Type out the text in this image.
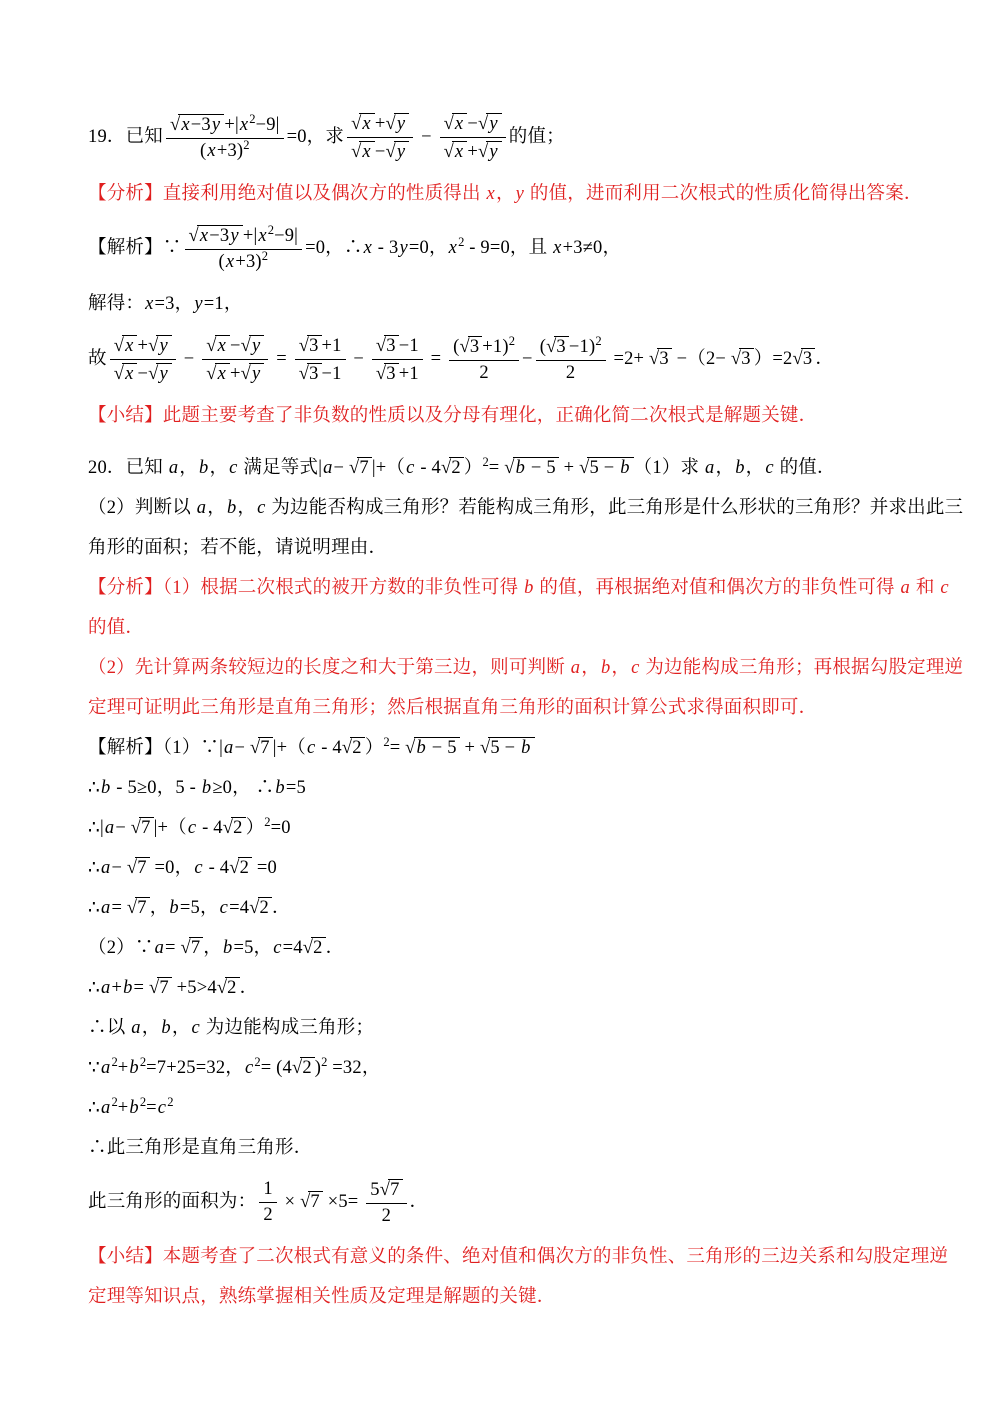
19．已知 $\frac{√x-3y +|x^2-9|}{(x+3)^2} =0$，求 $\frac{√x +√y}{√x -√y} - \frac{√x -√y}{√x +√y}$ 的值；
【分析】直接利用绝对值以及偶次方的性质得出 x，y 的值，进而利用二次根式的性质化简得出答案．
【解析】∵ $\frac{√x-3y +|x^2-9|}{(x+3)^2} =0$，∴x - 3y=0，$x^2 - 9=0$，且 x+3≠0，
解得：x=3，y=1，
故 $\frac{√x +√y}{√x -√y} - \frac{√x -√y}{√x +√y} = \frac{√3 +1}{√3 -1} - \frac{√3 -1}{√3 +1} = \frac{(√3 +1)^2}{2} - \frac{(√3 -1)^2}{2} =2+ √3 -(2- √3$ ）=2√3 ．
【小结】此题主要考查了非负数的性质以及分母有理化，正确化简二次根式是解题关键．
20．已知 a，b，c 满足等式|a− √7 |+（c - 4√2 ）$^2$= √b − 5 + √5 − b （1）求 a，b，c 的值．
（2）判断以 a，b，c 为边能否构成三角形？若能构成三角形，此三角形是什么形状的三角形？并求出此三
角形的面积；若不能，请说明理由．
【分析】（1）根据二次根式的被开方数的非负性可得 b 的值，再根据绝对值和偶次方的非负性可得 a 和 c
的值．
（2）先计算两条较短边的长度之和大于第三边，则可判断 a，b，c 为边能构成三角形；再根据勾股定理逆
定理可证明此三角形是直角三角形；然后根据直角三角形的面积计算公式求得面积即可．
【解析】（1）∵|a− √7 |+（c - 4√2 ）$^2$= √b − 5 + √5 − b
∴b - 5≥0，5 - b≥0， ∴b=5
∴|a− √7 |+（c - 4√2 ）$^2$=0
∴a− √7 =0，c - 4√2 =0
∴a= √7 ，b=5，c=4√2 ．
（2）∵a= √7 ，b=5，c=4√2 ．
∴a+b= √7 +5>4√2 ．
∴以 a，b，c 为边能构成三角形；
$\because a^2+b^2=7+25=32$，$c^2= (4√2$ )$^2$ =32，
$\therefore a^2+b^2=c^2$
∴此三角形是直角三角形．
此三角形的面积为： $\frac{1}{2} \times √7 \times 5= \frac{5√7}{2}$ ．
【小结】本题考查了二次根式有意义的条件、绝对值和偶次方的非负性、三角形的三边关系和勾股定理逆
定理等知识点，熟练掌握相关性质及定理是解题的关键．
